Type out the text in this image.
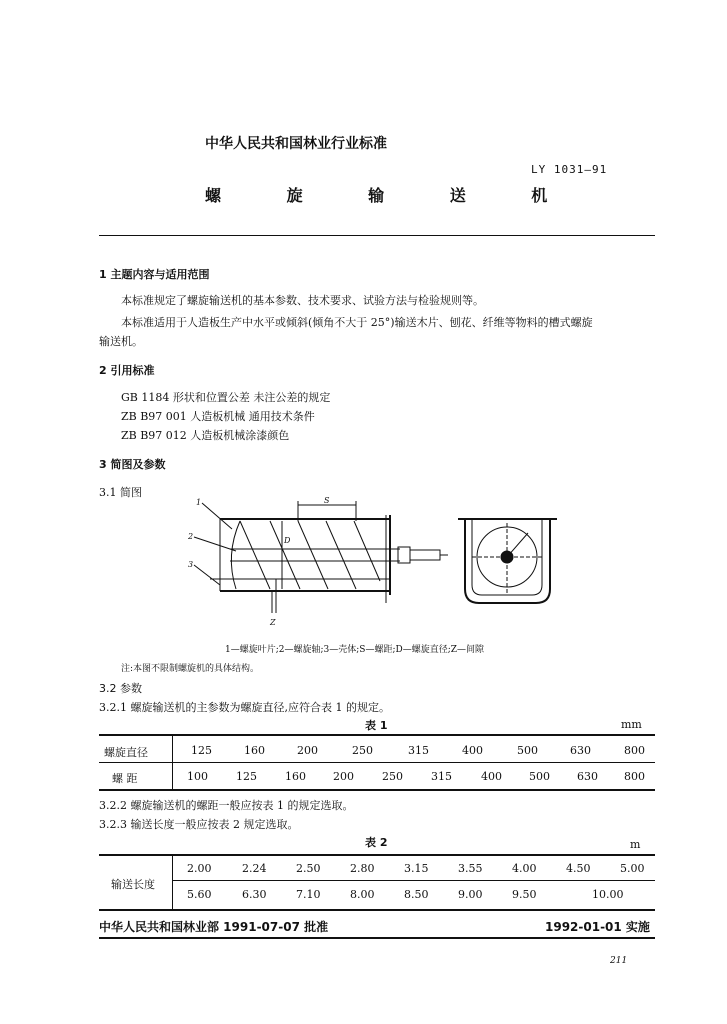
中华人民共和国林业行业标准
LY 1031—91
螺 旋 输 送 机
1 主题内容与适用范围
本标准规定了螺旋输送机的基本参数、技术要求、试验方法与检验规则等。
本标准适用于人造板生产中水平或倾斜(倾角不大于 25°)输送木片、刨花、纤维等物料的槽式螺旋
输送机。
2 引用标准
GB 1184 形状和位置公差 未注公差的规定
ZB B97 001 人造板机械 通用技术条件
ZB B97 012 人造板机械涂漆颜色
3 简图及参数
3.1 简图
1
2
3
S
D
Z
1—螺旋叶片;2—螺旋轴;3—壳体;S—螺距;D—螺旋直径;Z—间隙
注:本图不限制螺旋机的具体结构。
3.2 参数
3.2.1 螺旋输送机的主参数为螺旋直径,应符合表 1 的规定。
表 1	mm
螺旋直径	125	160	200	250	315	400	500	630	800
螺 距	100	125	160 200	250	315	400 500 630 800
3.2.2 螺旋输送机的螺距一般应按表 1 的规定选取。
3.2.3 输送长度一般应按表 2 规定选取。
表 2	m
输送长度
2.00	2.24	2.50	2.80	3.15	3.55	4.00	4.50	5.00
5.60	6.30	7.10	8.00	8.50	9.00	9.50	10.00
中华人民共和国林业部 1991-07-07 批准	1992-01-01 实施
211
